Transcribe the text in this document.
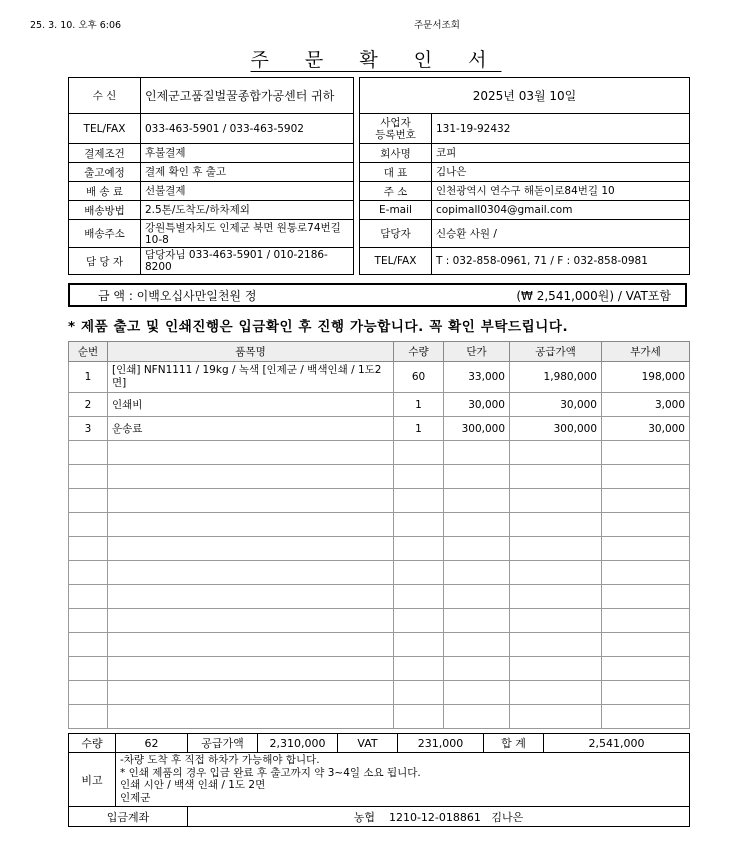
25. 3. 10. 오후 6:06	주문서조회
주 문 확 인 서
수 신	인제군고품질벌꿀종합가공센터 귀하
TEL/FAX	033-463-5901 / 033-463-5902
결제조건	후불결제
출고예정	결제 확인 후 출고
배 송 료	선불결제
배송방법	2.5톤/도착도/하차제외
배송주소	강원특별자치도 인제군 북면 원통로74번길 10-8
담 당 자	담당자님 033-463-5901 / 010-2186-8200
2025년 03월 10일	
사업자
등록번호	131-19-92432
회사명	코피
대 표	김나은
주 소	인천광역시 연수구 해돋이로84번길 10
E-mail	copimall0304@gmail.com
담당자	신승환 사원 /
TEL/FAX	T : 032-858-0961, 71 / F : 032-858-0981
금 액 : 이백오십사만일천원 정	(₩ 2,541,000원) / VAT포함
* 제품 출고 및 인쇄진행은 입금확인 후 진행 가능합니다. 꼭 확인 부탁드립니다.
순번	품목명	수량	단가	공급가액	부가세
1	[인쇄] NFN1111 / 19kg / 녹색 [인제군 / 백색인쇄 / 1도2면]	60	33,000	1,980,000	198,000
2	인쇄비	1	30,000	30,000	3,000
3	운송료	1	300,000	300,000	30,000

수량	62	공급가액	2,310,000	VAT	231,000	합 계	2,541,000
비고	-차량 도착 후 직접 하차가 가능해야 합니다.
* 인쇄 제품의 경우 입금 완료 후 출고까지 약 3~4일 소요 됩니다.
인쇄 시안 / 백색 인쇄 / 1도 2면
인제군						

입금계좌		농협    1210-12-018861   김나은					
